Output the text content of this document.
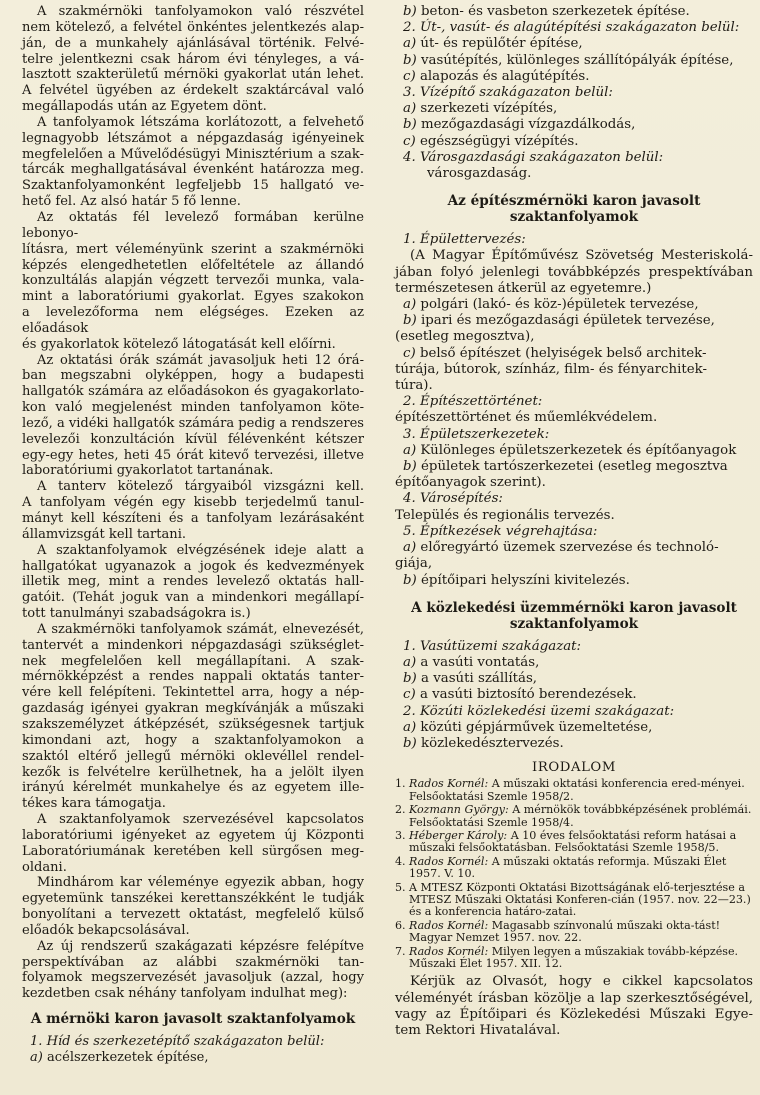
A szakmérnöki tanfolyamokon való részvétel
nem kötelező, a felvétel önkéntes jelentkezés alap-
ján, de a munkahely ajánlásával történik. Felvé-
telre jelentkezni csak három évi tényleges, a vá-
lasztott szakterületű mérnöki gyakorlat után lehet.
A felvétel ügyében az érdekelt szaktárcával való
megállapodás után az Egyetem dönt.

A tanfolyamok létszáma korlátozott, a felvehető
legnagyobb létszámot a népgazdaság igényeinek
megfelelően a Művelődésügyi Minisztérium a szak-
tárcák meghallgatásával évenként határozza meg.
Szaktanfolyamonként legfeljebb 15 hallgató ve-
hető fel. Az alsó határ 5 fő lenne.

Az oktatás fél levelező formában kerülne lebonyo-
lításra, mert véleményünk szerint a szakmérnöki
képzés elengedhetetlen előfeltétele az állandó
konzultálás alapján végzett tervezői munka, vala-
mint a laboratóriumi gyakorlat. Egyes szakokon
a levelezőforma nem elégséges. Ezeken az előadások
és gyakorlatok kötelező látogatását kell előírni.

Az oktatási órák számát javasoljuk heti 12 órá-
ban megszabni olyképpen, hogy a budapesti
hallgatók számára az előadásokon és gyagakorlato-
kon való megjelenést minden tanfolyamon köte-
lező, a vidéki hallgatók számára pedig a rendszeres
levelezői konzultáción kívül félévenként kétszer
egy-egy hetes, heti 45 órát kitevő tervezési, illetve
laboratóriumi gyakorlatot tartanának.

A tanterv kötelező tárgyaiból vizsgázni kell.
A tanfolyam végén egy kisebb terjedelmű tanul-
mányt kell készíteni és a tanfolyam lezárásaként
államvizsgát kell tartani.

A szaktanfolyamok elvégzésének ideje alatt a
hallgatókat ugyanazok a jogok és kedvezmények
illetik meg, mint a rendes levelező oktatás hall-
gatóit. (Tehát joguk van a mindenkori megállapí-
tott tanulmányi szabadságokra is.)

A szakmérnöki tanfolyamok számát, elnevezését,
tantervét a mindenkori népgazdasági szükséglet-
nek megfelelően kell megállapítani. A szak-
mérnökképzést a rendes nappali oktatás tanter-
vére kell felépíteni. Tekintettel arra, hogy a nép-
gazdaság igényei gyakran megkívánják a műszaki
szakszemélyzet átképzését, szükségesnek tartjuk
kimondani azt, hogy a szaktanfolyamokon a
szaktól eltérő jellegű mérnöki oklevéllel rendel-
kezők is felvételre kerülhetnek, ha a jelölt ilyen
irányú kérelmét munkahelye és az egyetem ille-
tékes kara támogatja.

A szaktanfolyamok szervezésével kapcsolatos
laboratóriumi igényeket az egyetem új Központi
Laboratóriumának keretében kell sürgősen meg-
oldani.

Mindhárom kar véleménye egyezik abban, hogy
egyetemünk tanszékei kerettanszékként le tudják
bonyolítani a tervezett oktatást, megfelelő külső
előadók bekapcsolásával.

Az új rendszerű szakágazati képzésre felépítve
perspektívában az alábbi szakmérnöki tan-
folyamok megszervezését javasoljuk (azzal, hogy
kezdetben csak néhány tanfolyam indulhat meg):

A mérnöki karon javasolt szaktanfolyamok
1. Híd és szerkezetépítő szakágazaton belül:
a) acélszerkezetek építése,
b) beton- és vasbeton szerkezetek építése.
2. Út-, vasút- és alagútépítési szakágazaton belül:
a) út- és repülőtér építése,
b) vasútépítés, különleges szállítópályák építése,
c) alapozás és alagútépítés.
3. Vízépítő szakágazaton belül:
a) szerkezeti vízépítés,
b) mezőgazdasági vízgazdálkodás,
c) egészségügyi vízépítés.
4. Városgazdasági szakágazaton belül:
városgazdaság.
Az építészmérnöki karon javasolt
szaktanfolyamok
1. Épülettervezés:

(A Magyar Építőművész Szövetség Mesteriskolá-
jában folyó jelenlegi továbbképzés prespektívában
természetesen átkerül az egyetemre.)

a) polgári (lakó- és köz-)épületek tervezése,
b) ipari és mezőgazdasági épületek tervezése,
(esetleg megosztva),
c) belső építészet (helyiségek belső architek-
túrája, bútorok, színház, film- és fényarchitek-
túra).
2. Építészettörténet:
építészettörténet és műemlékvédelem.
3. Épületszerkezetek:
a) Különleges épületszerkezetek és építőanyagok
b) épületek tartószerkezetei (esetleg megosztva
építőanyagok szerint).
4. Városépítés:
Település és regionális tervezés.
5. Építkezések végrehajtása:
a) előregyártó üzemek szervezése és technoló-
giája,
b) építőipari helyszíni kivitelezés.
A közlekedési üzemmérnöki karon javasolt
szaktanfolyamok
1. Vasútüzemi szakágazat:
a) a vasúti vontatás,
b) a vasúti szállítás,
c) a vasúti biztosító berendezések.
2. Közúti közlekedési üzemi szakágazat:
a) közúti gépjárművek üzemeltetése,
b) közlekedésztervezés.
IRODALOM
1. Rados Kornél: A műszaki oktatási konferencia ered-ményei. Felsőoktatási Szemle 1958/2.
2. Kozmann György: A mérnökök továbbképzésének problémái. Felsőoktatási Szemle 1958/4.
3. Héberger Károly: A 10 éves felsőoktatási reform hatásai a műszaki felsőoktatásban. Felsőoktatási Szemle 1958/5.
4. Rados Kornél: A műszaki oktatás reformja. Műszaki Élet 1957. V. 10.
5. A MTESZ Központi Oktatási Bizottságának elő-terjesztése a MTESZ Műszaki Oktatási Konferen-cián (1957. nov. 22—23.) és a konferencia határo-zatai.
6. Rados Kornél: Magasabb színvonalú műszaki okta-tást! Magyar Nemzet 1957. nov. 22.
7. Rados Kornél: Milyen legyen a műszakiak tovább-képzése. Műszaki Élet 1957. XII. 12.

Kérjük az Olvasót, hogy e cikkel kapcsolatos
véleményét írásban közölje a lap szerkesztőségével,
vagy az Építőipari és Közlekedési Műszaki Egye-
tem Rektori Hivatalával.
